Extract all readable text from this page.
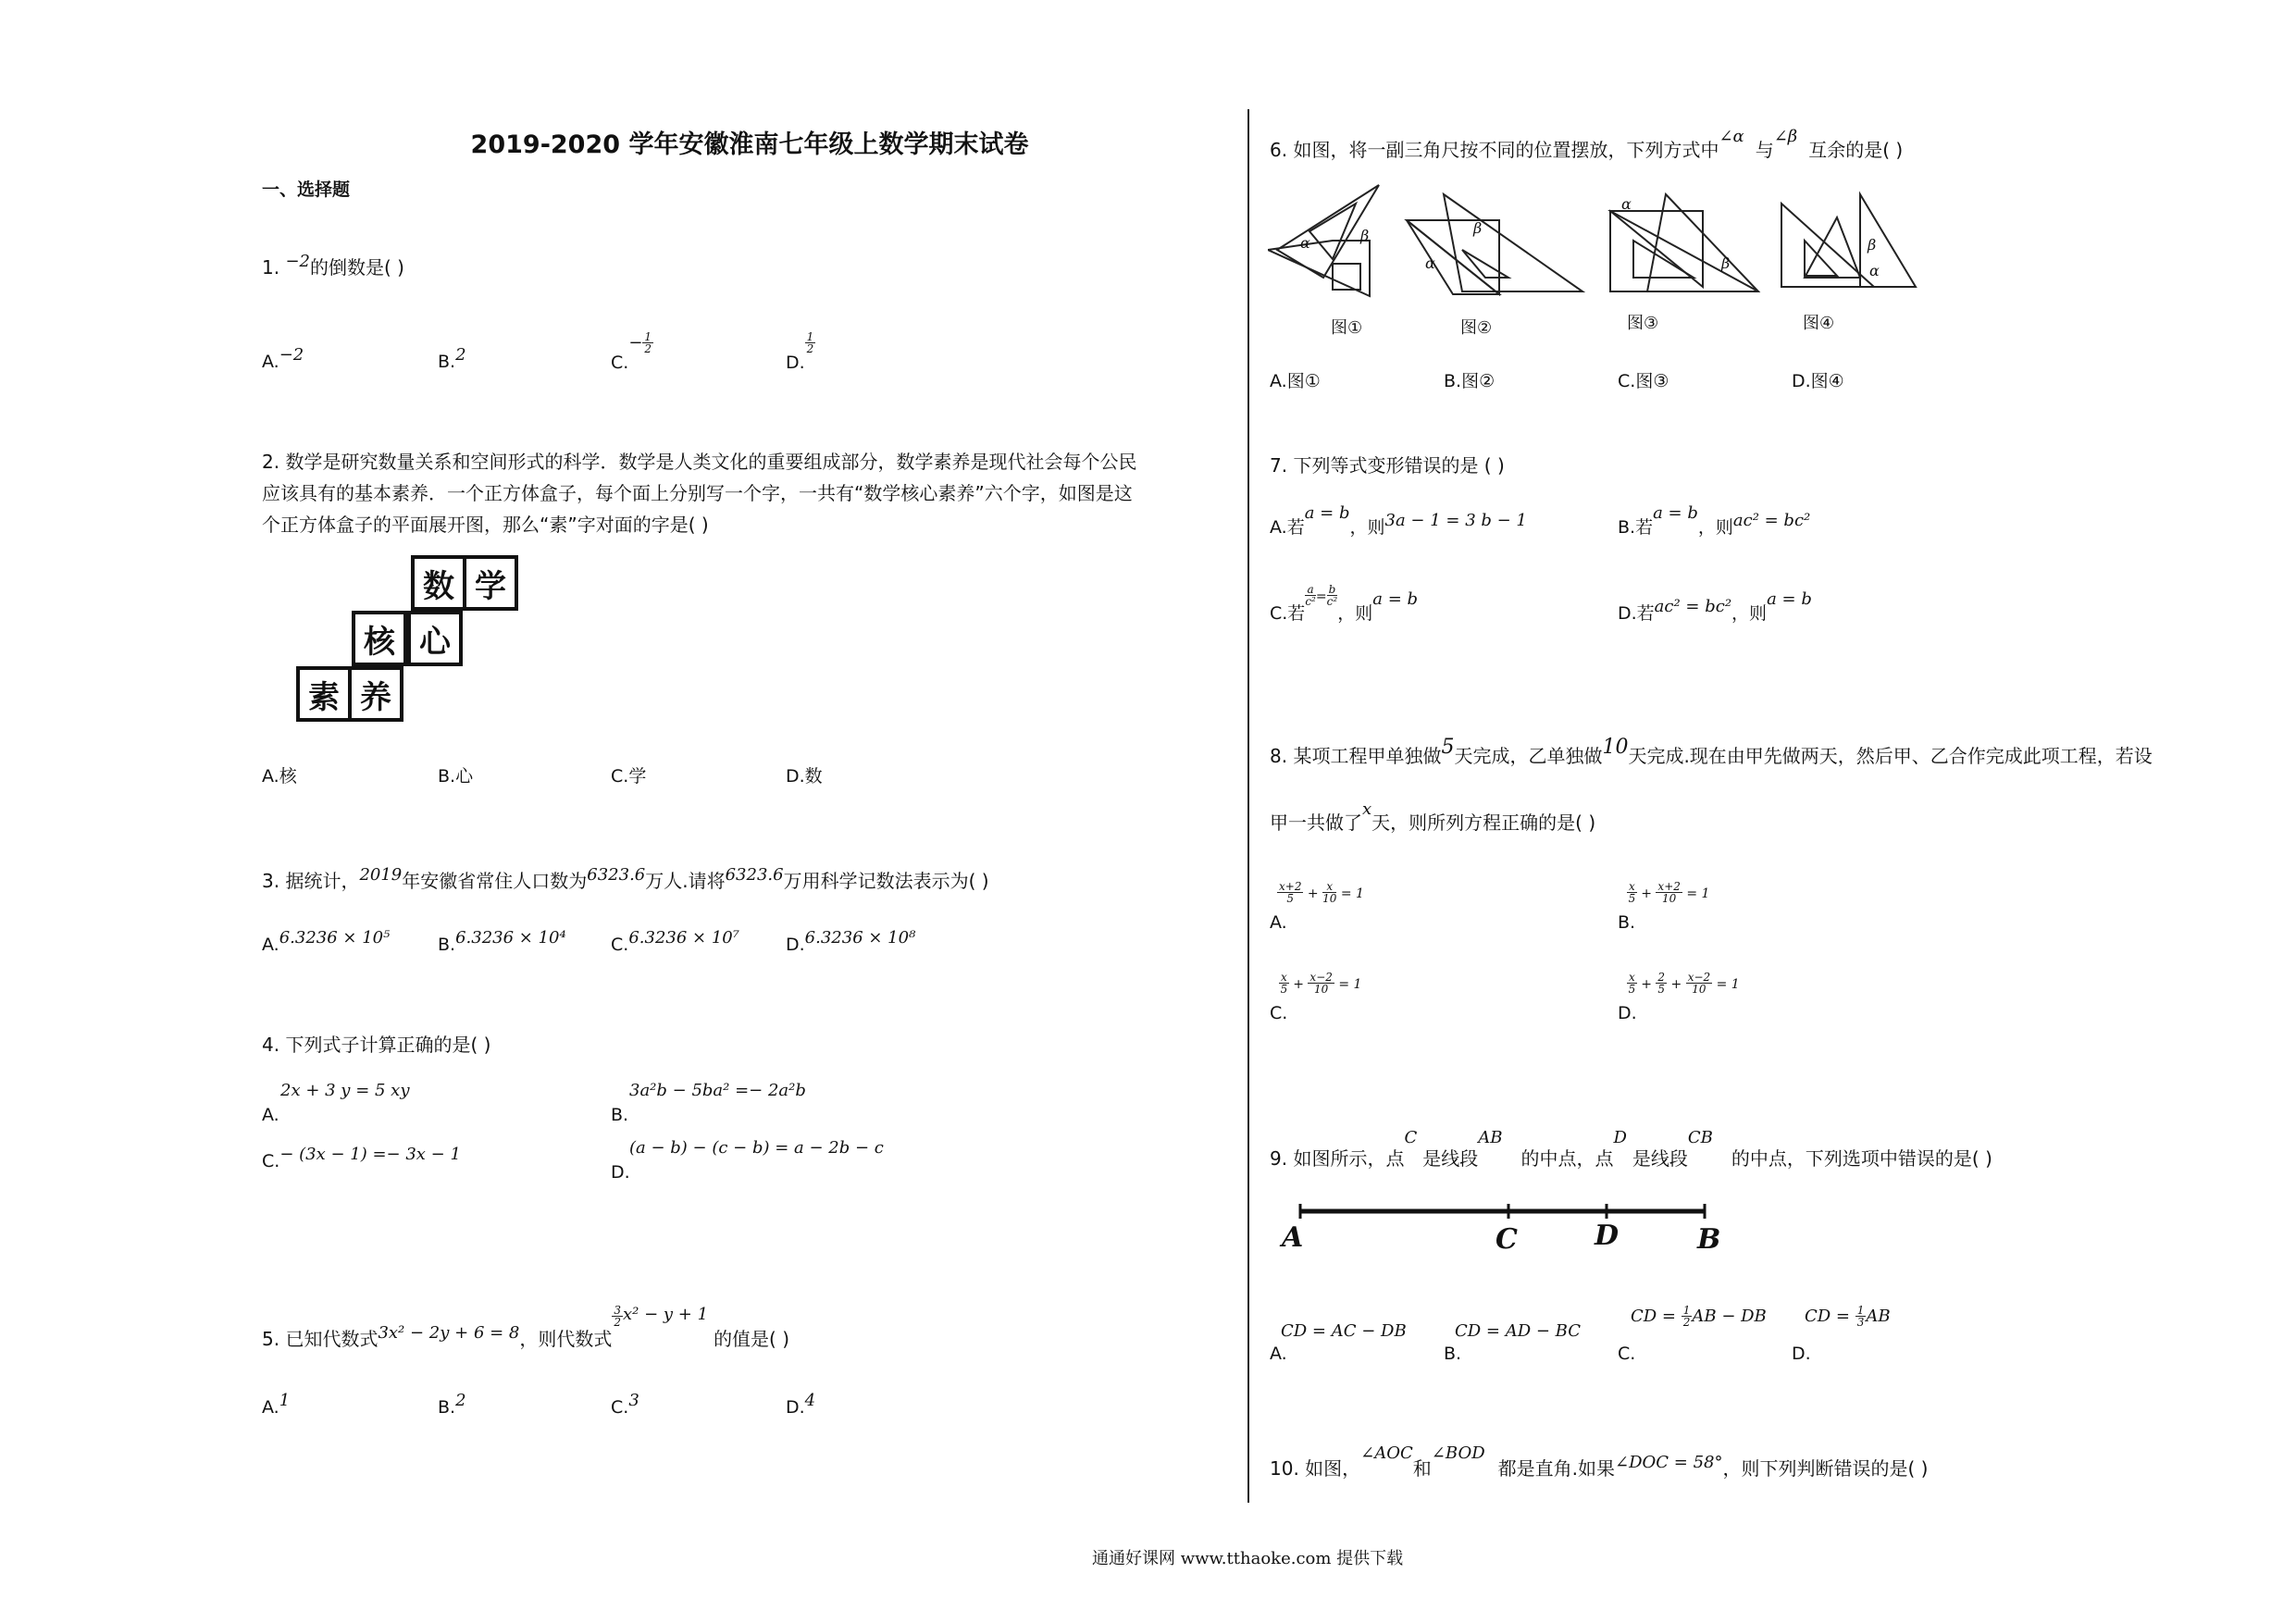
2019-2020 学年安徽淮南七年级上数学期末试卷
一、选择题
1. −2的倒数是( )
A.−2	B.2	$C.- \frac{1}{2}$
D.
$\frac{1}{2}$
2. 数学是研究数量关系和空间形式的科学．数学是人类文化的重要组成部分，数学素养是现代社会每个公民
应该具有的基本素养．一个正方体盒子，每个面上分别写一个字，一共有“数学核心素养”六个字，如图是这
个正方体盒子的平面展开图，那么“素”字对面的字是( )
数 学
核 心
素 养
A.核	B.心	C.学	D.数
3. 据统计，2019年安徽省常住人口数为6323.6万人.请将6323.6万用科学记数法表示为( )
A.6.3236 × 10⁵	B.6.3236 × 10⁴	C.6.3236 × 10⁷	D.6.3236 × 10⁸
4. 下列式子计算正确的是( )
2x + 3 y = 5 xy
A.
3a²b − 5ba² =− 2a²b
B.
C.− (3x − 1) =− 3x − 1	(a − b) − (c − b) = a − 2b − c
D.
5. 已知代数式3x² − 2y + 6 = 8，则代数式
$\frac{3}{2} x^2 - y + 1$的值是( )
A.1	B.2	C.3	D.4
6. 如图，将一副三角尺按不同的位置摆放，下列方式中∠α与∠β互余的是( )
α	β
α
β
α
β
β
α
图①	图②	图③	图④
A.图①	B.图②	C.图③	D.图④
7. 下列等式变形错误的是 ( )
A.若a = b，则3a − 1 = 3 b − 1	B.若a = b，则ac² = bc²
C.若
$\frac{a}{\text{c²}} ^= \frac{b}{\text{c²}}$
，则a = b
D.若ac² = bc²，则a = b
8. 某项工程甲单独做5天完成，乙单独做10天完成.现在由甲先做两天，然后甲、乙合作完成此项工程，若设
甲一共做了x天，则所列方程正确的是( )
$\frac{x+2}{5} + \frac{x}{10} = 1$
A.
$\frac{x}{5} + \frac{x+2}{10} = 1$
B.
$\frac{x}{5} + \frac{x-2}{10} = 1$
C.
$\frac{x}{5} + \frac{2}{5} + \frac{x-2}{10} = 1$
D.
9. 如图所示，点C是线段AB的中点，点D是线段CB的中点，下列选项中错误的是( )
A	C	D	B
CD = AC − DB
A.
CD = AD − BC
B.
CD = $\frac{1}{2}$ AB − DB
C.
CD = $\frac{1}{3}$ AB
D.
10. 如图，∠AOC和∠BOD都是直角.如果∠DOC = 58°，则下列判断错误的是( )
通通好课网 www.tthaoke.com 提供下载
